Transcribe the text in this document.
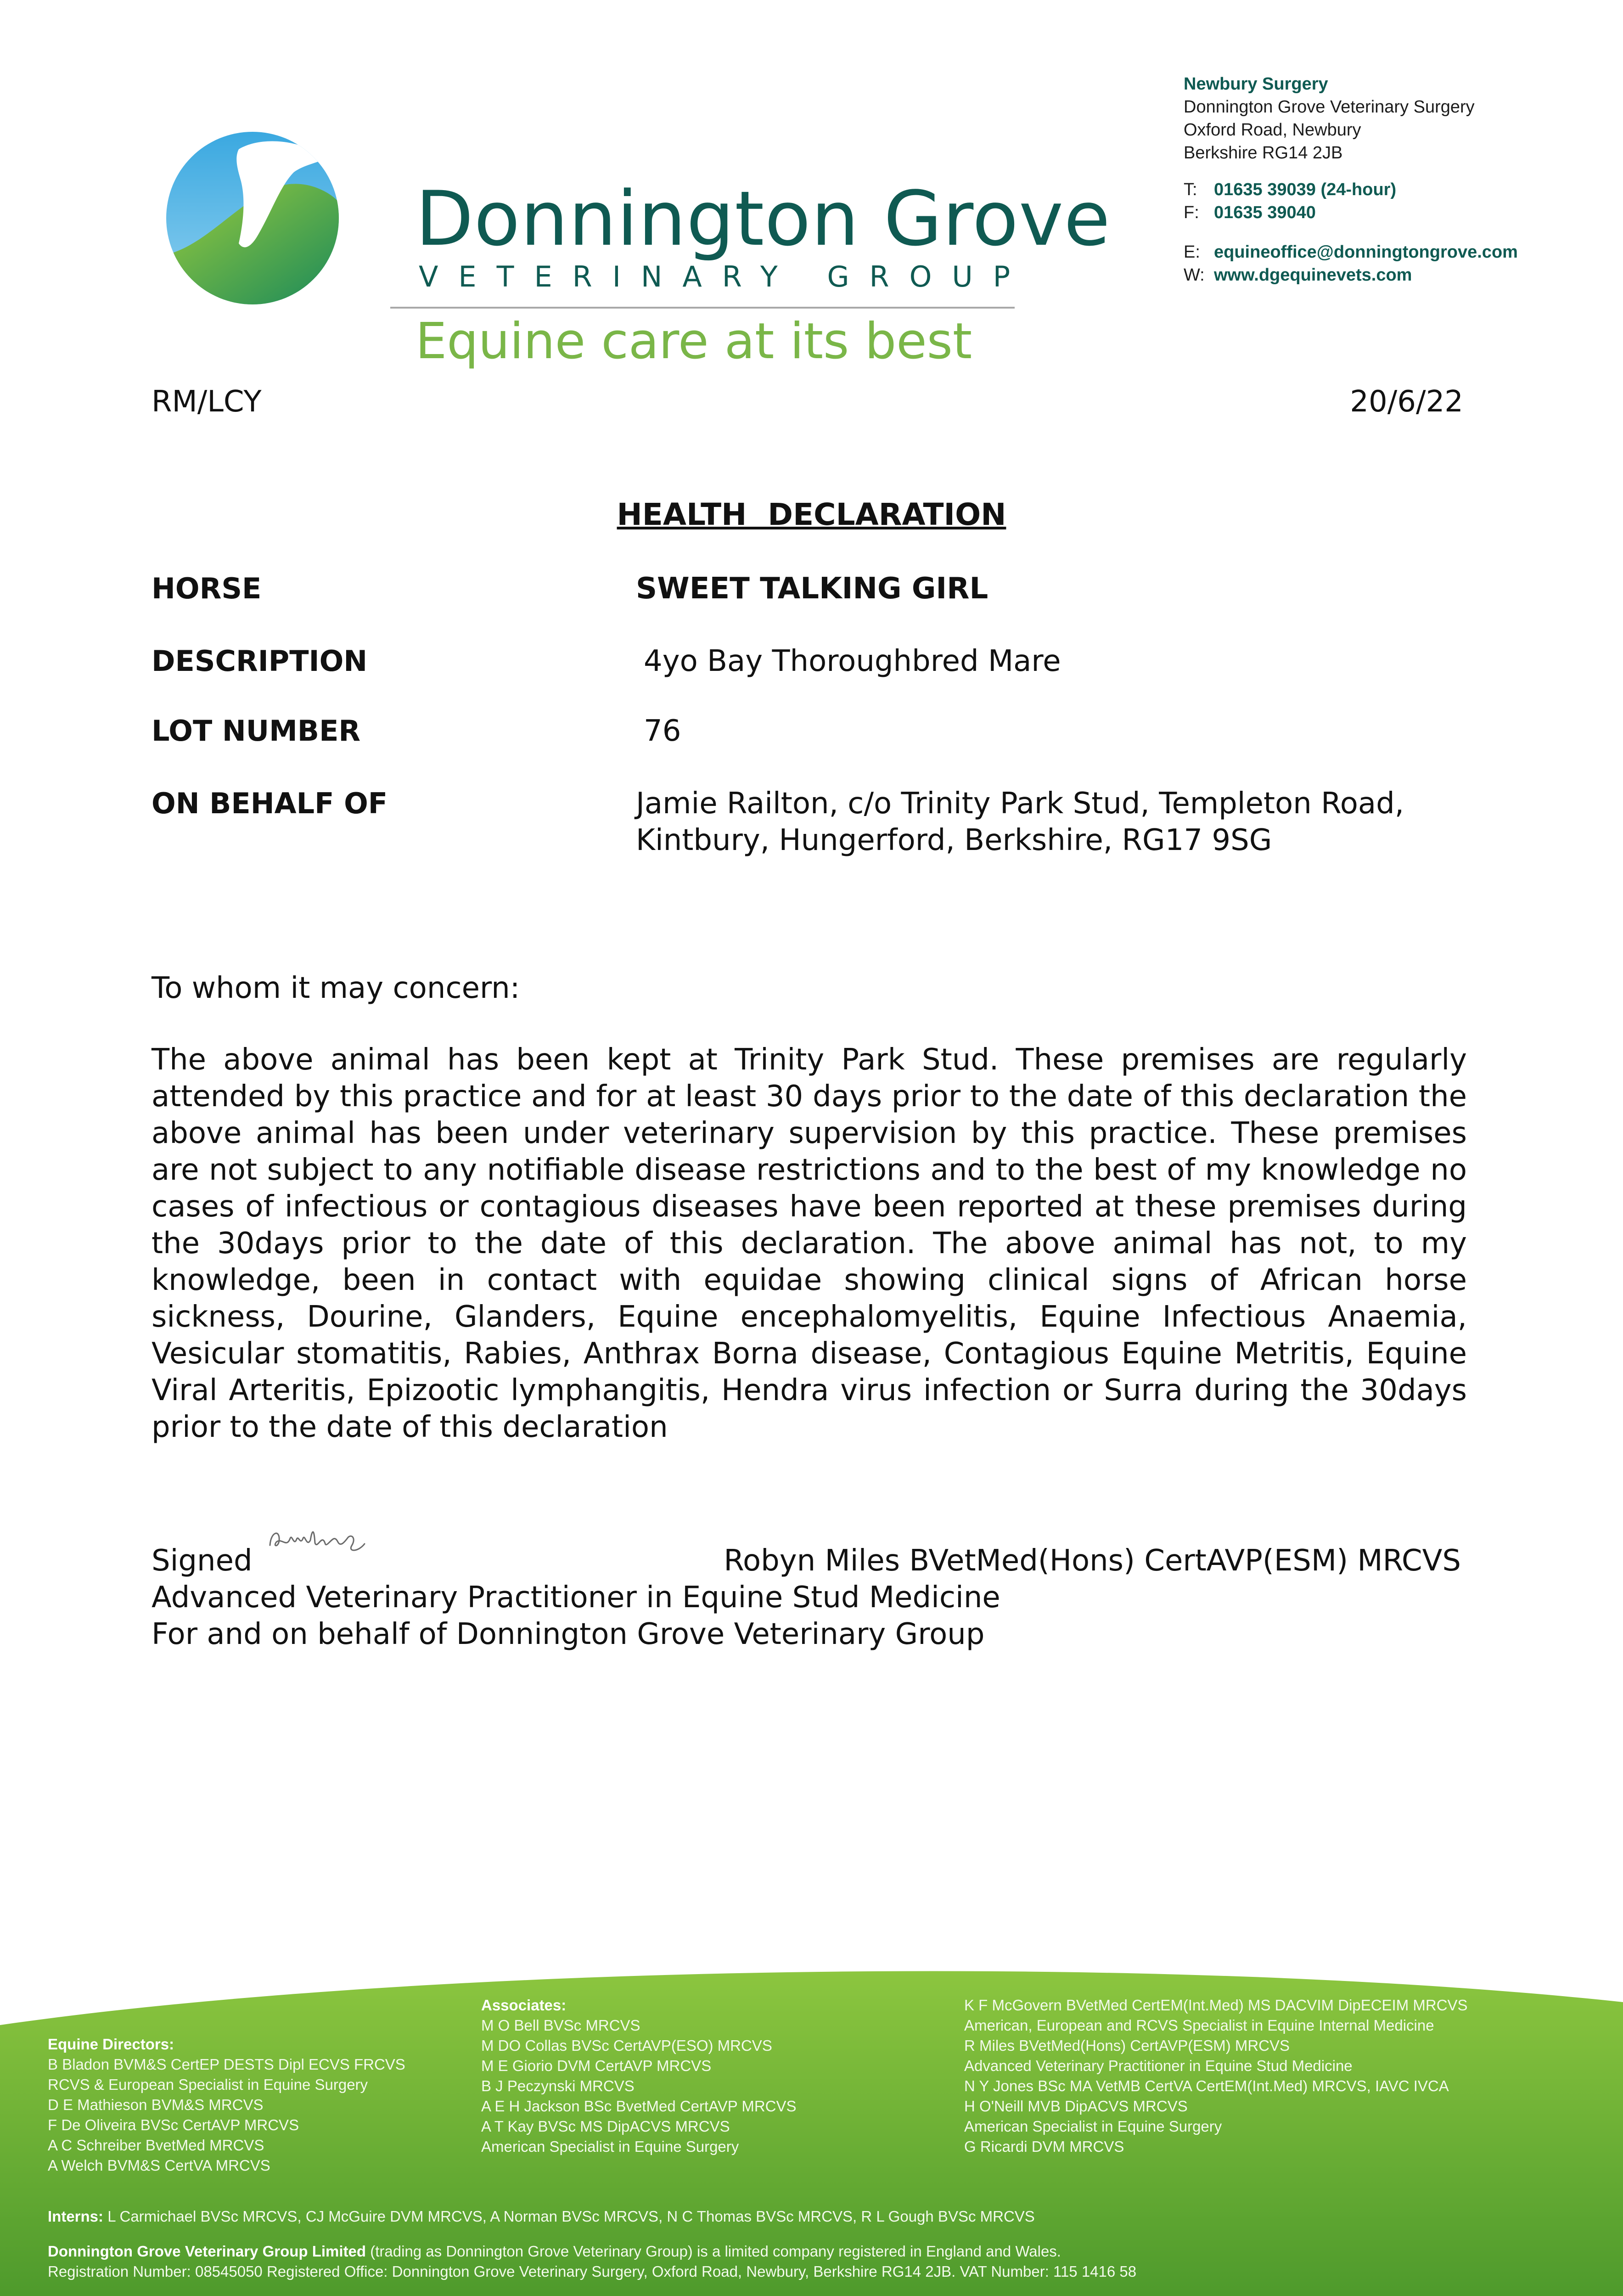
Donnington Grove
VETERINARY GROUP
Equine care at its best
Newbury Surgery
Donnington Grove Veterinary Surgery
Oxford Road, Newbury
Berkshire RG14 2JB
T: 01635 39039 (24-hour)
F: 01635 39040
E: equineoffice@donningtongrove.com
W: www.dgequinevets.com
RM/LCY	20/6/22
HEALTH  DECLARATION
HORSE	SWEET TALKING GIRL
DESCRIPTION	4yo Bay Thoroughbred Mare
LOT NUMBER	76
ON BEHALF OF	Jamie Railton, c/o Trinity Park Stud, Templeton Road,
Kintbury, Hungerford, Berkshire, RG17 9SG
To whom it may concern:
The above animal has been kept at Trinity Park Stud. These premises are regularly attended by this practice and for at least 30 days prior to the date of this declaration the above animal has been under veterinary supervision by this practice. These premises are not subject to any notifiable disease restrictions and to the best of my knowledge no cases of infectious or contagious diseases have been reported at these premises during the 30days prior to the date of this declaration. The above animal has not, to my knowledge, been in contact with equidae showing clinical signs of African horse sickness, Dourine, Glanders, Equine encephalomyelitis, Equine Infectious Anaemia, Vesicular stomatitis, Rabies, Anthrax Borna disease, Contagious Equine Metritis, Equine Viral Arteritis, Epizootic lymphangitis, Hendra virus infection or Surra during the 30days prior to the date of this declaration
Signed	Robyn Miles BVetMed(Hons) CertAVP(ESM) MRCVS
Advanced Veterinary Practitioner in Equine Stud Medicine
For and on behalf of Donnington Grove Veterinary Group
Equine Directors:
B Bladon BVM&S CertEP DESTS Dipl ECVS FRCVS
RCVS & European Specialist in Equine Surgery
D E Mathieson BVM&S MRCVS
F De Oliveira BVSc CertAVP MRCVS
A C Schreiber BvetMed MRCVS
A Welch BVM&S CertVA MRCVS
Associates:
M O Bell BVSc MRCVS
M DO Collas BVSc CertAVP(ESO) MRCVS
M E Giorio DVM CertAVP MRCVS
B J Peczynski MRCVS
A E H Jackson BSc BvetMed CertAVP MRCVS
A T Kay BVSc MS DipACVS MRCVS
American Specialist in Equine Surgery
K F McGovern BVetMed CertEM(Int.Med) MS DACVIM DipECEIM MRCVS
American, European and RCVS Specialist in Equine Internal Medicine
R Miles BVetMed(Hons) CertAVP(ESM) MRCVS
Advanced Veterinary Practitioner in Equine Stud Medicine
N Y Jones BSc MA VetMB CertVA CertEM(Int.Med) MRCVS, IAVC IVCA
H O'Neill MVB DipACVS MRCVS
American Specialist in Equine Surgery
G Ricardi DVM MRCVS
Interns: L Carmichael BVSc MRCVS, CJ McGuire DVM MRCVS, A Norman BVSc MRCVS, N C Thomas BVSc MRCVS, R L Gough BVSc MRCVS
Donnington Grove Veterinary Group Limited (trading as Donnington Grove Veterinary Group) is a limited company registered in England and Wales.
Registration Number: 08545050 Registered Office: Donnington Grove Veterinary Surgery, Oxford Road, Newbury, Berkshire RG14 2JB. VAT Number: 115 1416 58
